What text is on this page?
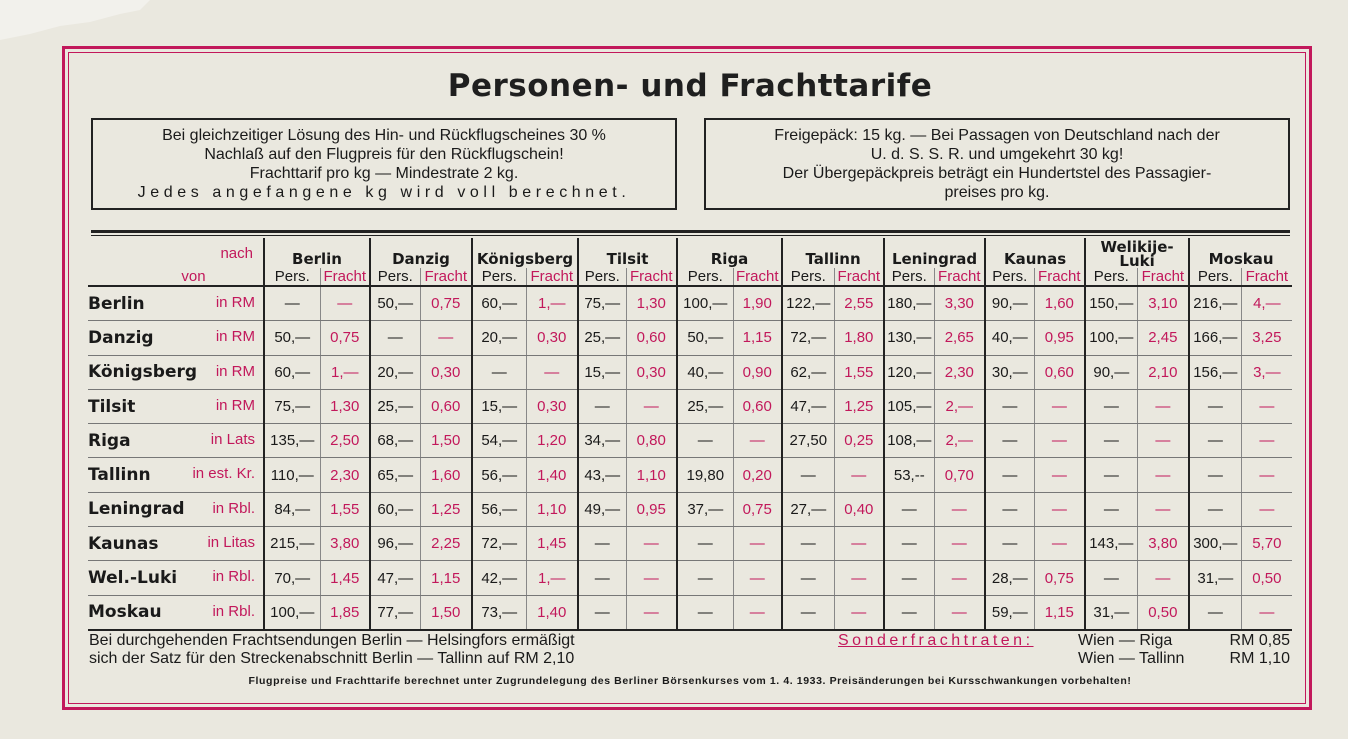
Personen- und Frachttarife

Bei gleichzeitiger Lösung des Hin- und Rückflugscheines 30 %

Nachlaß auf den Flugpreis für den Rückflugschein!

Frachttarif pro kg — Mindestrate 2 kg.

Jedes angefangene kg wird voll berechnet.

Freigepäck: 15 kg. — Bei Passagen von Deutschland nach der

U. d. S. S. R. und umgekehrt 30 kg!

Der Übergepäckpreis beträgt ein Hundertstel des Passagier-

preises pro kg.

nach	Berlin		Danzig		Königsberg		Tilsit		Riga		Tallinn		Leningrad		Kaunas		Welikije-Luki		Moskau	
von	Pers.	Fracht	Pers.	Fracht	Pers.	Fracht	Pers.	Fracht	Pers.	Fracht	Pers.	Fracht	Pers.	Fracht	Pers.	Fracht	Pers.	Fracht	Pers.	Fracht
Berlin in RM	—	—	50,—	0,75	60,—	1,—	75,—	1,30	100,—	1,90	122,—	2,55	180,—	3,30	90,—	1,60	150,—	3,10	216,—	4,—
Danzig in RM	50,—	0,75	—	—	20,—	0,30	25,—	0,60	50,—	1,15	72,—	1,80	130,—	2,65	40,—	0,95	100,—	2,45	166,—	3,25
Königsberg in RM	60,—	1,—	20,—	0,30	—	—	15,—	0,30	40,—	0,90	62,—	1,55	120,—	2,30	30,—	0,60	90,—	2,10	156,—	3,—
Tilsit in RM	75,—	1,30	25,—	0,60	15,—	0,30	—	—	25,—	0,60	47,—	1,25	105,—	2,—	—	—	—	—	—	—
Riga in Lats	135,—	2,50	68,—	1,50	54,—	1,20	34,—	0,80	—	—	27,50	0,25	108,—	2,—	—	—	—	—	—	—
Tallinn in est. Kr.	110,—	2,30	65,—	1,60	56,—	1,40	43,—	1,10	19,80	0,20	—	—	53,--	0,70	—	—	—	—	—	—
Leningrad in Rbl.	84,—	1,55	60,—	1,25	56,—	1,10	49,—	0,95	37,—	0,75	27,—	0,40	—	—	—	—	—	—	—	—
Kaunas in Litas	215,—	3,80	96,—	2,25	72,—	1,45	—	—	—	—	—	—	—	—	—	—	143,—	3,80	300,—	5,70
Wel.-Luki in Rbl.	70,—	1,45	47,—	1,15	42,—	1,—	—	—	—	—	—	—	—	—	28,—	0,75	—	—	31,—	0,50
Moskau in Rbl.	100,—	1,85	77,—	1,50	73,—	1,40	—	—	—	—	—	—	—	—	59,—	1,15	31,—	0,50	—	—
Bei durchgehenden Frachtsendungen Berlin — Helsingfors ermäßigt
sich der Satz für den Streckenabschnitt Berlin — Tallinn auf RM 2,10
Sonderfrachtraten:	Wien — Riga	RM 0,85
Wien — Tallinn	RM 1,10
Flugpreise und Frachttarife berechnet unter Zugrundelegung des Berliner Börsenkurses vom 1. 4. 1933. Preisänderungen bei Kursschwankungen vorbehalten!
